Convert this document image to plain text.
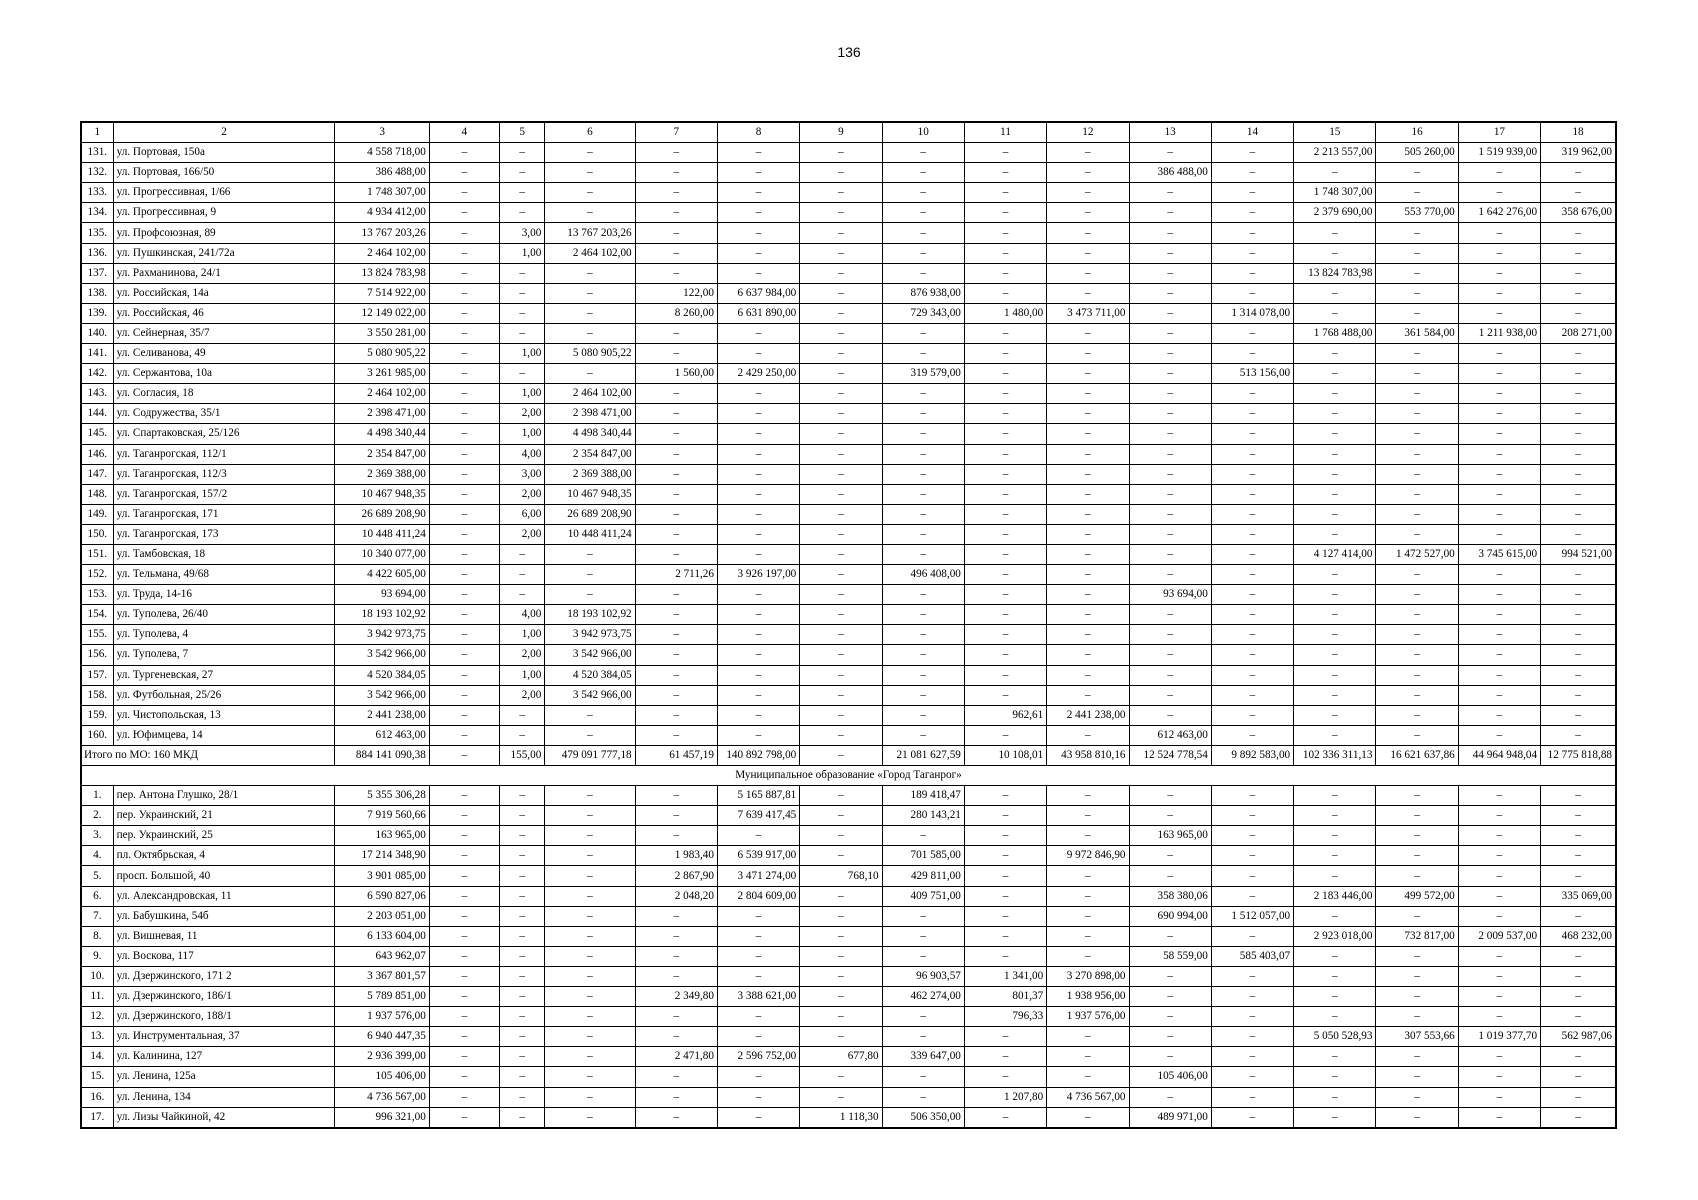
136
1	2	3	4	5	6	7	8	9	10	11	12	13	14	15	16	17	18
131.	ул. Портовая, 150а	4 558 718,00	–	–	–	–	–	–	–	–	–	–	–	2 213 557,00	505 260,00	1 519 939,00	319 962,00
132.	ул. Портовая, 166/50	386 488,00	–	–	–	–	–	–	–	–	–	386 488,00	–	–	–	–	–
133.	ул. Прогрессивная, 1/66	1 748 307,00	–	–	–	–	–	–	–	–	–	–	–	1 748 307,00	–	–	–
134.	ул. Прогрессивная, 9	4 934 412,00	–	–	–	–	–	–	–	–	–	–	–	2 379 690,00	553 770,00	1 642 276,00	358 676,00
135.	ул. Профсоюзная, 89	13 767 203,26	–	3,00	13 767 203,26	–	–	–	–	–	–	–	–	–	–	–	–
136.	ул. Пушкинская, 241/72а	2 464 102,00	–	1,00	2 464 102,00	–	–	–	–	–	–	–	–	–	–	–	–
137.	ул. Рахманинова, 24/1	13 824 783,98	–	–	–	–	–	–	–	–	–	–	–	13 824 783,98	–	–	–
138.	ул. Российская, 14а	7 514 922,00	–	–	–	122,00	6 637 984,00	–	876 938,00	–	–	–	–	–	–	–	–
139.	ул. Российская, 46	12 149 022,00	–	–	–	8 260,00	6 631 890,00	–	729 343,00	1 480,00	3 473 711,00	–	1 314 078,00	–	–	–	–
140.	ул. Сейнерная, 35/7	3 550 281,00	–	–	–	–	–	–	–	–	–	–	–	1 768 488,00	361 584,00	1 211 938,00	208 271,00
141.	ул. Селиванова, 49	5 080 905,22	–	1,00	5 080 905,22	–	–	–	–	–	–	–	–	–	–	–	–
142.	ул. Сержантова, 10а	3 261 985,00	–	–	–	1 560,00	2 429 250,00	–	319 579,00	–	–	–	513 156,00	–	–	–	–
143.	ул. Согласия, 18	2 464 102,00	–	1,00	2 464 102,00	–	–	–	–	–	–	–	–	–	–	–	–
144.	ул. Содружества, 35/1	2 398 471,00	–	2,00	2 398 471,00	–	–	–	–	–	–	–	–	–	–	–	–
145.	ул. Спартаковская, 25/126	4 498 340,44	–	1,00	4 498 340,44	–	–	–	–	–	–	–	–	–	–	–	–
146.	ул. Таганрогская, 112/1	2 354 847,00	–	4,00	2 354 847,00	–	–	–	–	–	–	–	–	–	–	–	–
147.	ул. Таганрогская, 112/3	2 369 388,00	–	3,00	2 369 388,00	–	–	–	–	–	–	–	–	–	–	–	–
148.	ул. Таганрогская, 157/2	10 467 948,35	–	2,00	10 467 948,35	–	–	–	–	–	–	–	–	–	–	–	–
149.	ул. Таганрогская, 171	26 689 208,90	–	6,00	26 689 208,90	–	–	–	–	–	–	–	–	–	–	–	–
150.	ул. Таганрогская, 173	10 448 411,24	–	2,00	10 448 411,24	–	–	–	–	–	–	–	–	–	–	–	–
151.	ул. Тамбовская, 18	10 340 077,00	–	–	–	–	–	–	–	–	–	–	–	4 127 414,00	1 472 527,00	3 745 615,00	994 521,00
152.	ул. Тельмана, 49/68	4 422 605,00	–	–	–	2 711,26	3 926 197,00	–	496 408,00	–	–	–	–	–	–	–	–
153.	ул. Труда, 14-16	93 694,00	–	–	–	–	–	–	–	–	–	93 694,00	–	–	–	–	–
154.	ул. Туполева, 26/40	18 193 102,92	–	4,00	18 193 102,92	–	–	–	–	–	–	–	–	–	–	–	–
155.	ул. Туполева, 4	3 942 973,75	–	1,00	3 942 973,75	–	–	–	–	–	–	–	–	–	–	–	–
156.	ул. Туполева, 7	3 542 966,00	–	2,00	3 542 966,00	–	–	–	–	–	–	–	–	–	–	–	–
157.	ул. Тургеневская, 27	4 520 384,05	–	1,00	4 520 384,05	–	–	–	–	–	–	–	–	–	–	–	–
158.	ул. Футбольная, 25/26	3 542 966,00	–	2,00	3 542 966,00	–	–	–	–	–	–	–	–	–	–	–	–
159.	ул. Чистопольская, 13	2 441 238,00	–	–	–	–	–	–	–	962,61	2 441 238,00	–	–	–	–	–	–
160.	ул. Юфимцева, 14	612 463,00	–	–	–	–	–	–	–	–	–	612 463,00	–	–	–	–	–
Итого по МО: 160 МКД		884 141 090,38	–	155,00	479 091 777,18	61 457,19	140 892 798,00	–	21 081 627,59	10 108,01	43 958 810,16	12 524 778,54	9 892 583,00	102 336 311,13	16 621 637,86	44 964 948,04	12 775 818,88
Муниципальное образование «Город Таганрог»																	
1.	пер. Антона Глушко, 28/1	5 355 306,28	–	–	–	–	5 165 887,81	–	189 418,47	–	–	–	–	–	–	–	–
2.	пер. Украинский, 21	7 919 560,66	–	–	–	–	7 639 417,45	–	280 143,21	–	–	–	–	–	–	–	–
3.	пер. Украинский, 25	163 965,00	–	–	–	–	–	–	–	–	–	163 965,00	–	–	–	–	–
4.	пл. Октябрьская, 4	17 214 348,90	–	–	–	1 983,40	6 539 917,00	–	701 585,00	–	9 972 846,90	–	–	–	–	–	–
5.	просп. Большой, 40	3 901 085,00	–	–	–	2 867,90	3 471 274,00	768,10	429 811,00	–	–	–	–	–	–	–	–
6.	ул. Александровская, 11	6 590 827,06	–	–	–	2 048,20	2 804 609,00	–	409 751,00	–	–	358 380,06	–	2 183 446,00	499 572,00	–	335 069,00
7.	ул. Бабушкина, 54б	2 203 051,00	–	–	–	–	–	–	–	–	–	690 994,00	1 512 057,00	–	–	–	–
8.	ул. Вишневая, 11	6 133 604,00	–	–	–	–	–	–	–	–	–	–	–	2 923 018,00	732 817,00	2 009 537,00	468 232,00
9.	ул. Воскова, 117	643 962,07	–	–	–	–	–	–	–	–	–	58 559,00	585 403,07	–	–	–	–
10.	ул. Дзержинского, 171 2	3 367 801,57	–	–	–	–	–	–	96 903,57	1 341,00	3 270 898,00	–	–	–	–	–	–
11.	ул. Дзержинского, 186/1	5 789 851,00	–	–	–	2 349,80	3 388 621,00	–	462 274,00	801,37	1 938 956,00	–	–	–	–	–	–
12.	ул. Дзержинского, 188/1	1 937 576,00	–	–	–	–	–	–	–	796,33	1 937 576,00	–	–	–	–	–	–
13.	ул. Инструментальная, 37	6 940 447,35	–	–	–	–	–	–	–	–	–	–	–	5 050 528,93	307 553,66	1 019 377,70	562 987,06
14.	ул. Калинина, 127	2 936 399,00	–	–	–	2 471,80	2 596 752,00	677,80	339 647,00	–	–	–	–	–	–	–	–
15.	ул. Ленина, 125а	105 406,00	–	–	–	–	–	–	–	–	–	105 406,00	–	–	–	–	–
16.	ул. Ленина, 134	4 736 567,00	–	–	–	–	–	–	–	1 207,80	4 736 567,00	–	–	–	–	–	–
17.	ул. Лизы Чайкиной, 42	996 321,00	–	–	–	–	–	1 118,30	506 350,00	–	–	489 971,00	–	–	–	–	–
